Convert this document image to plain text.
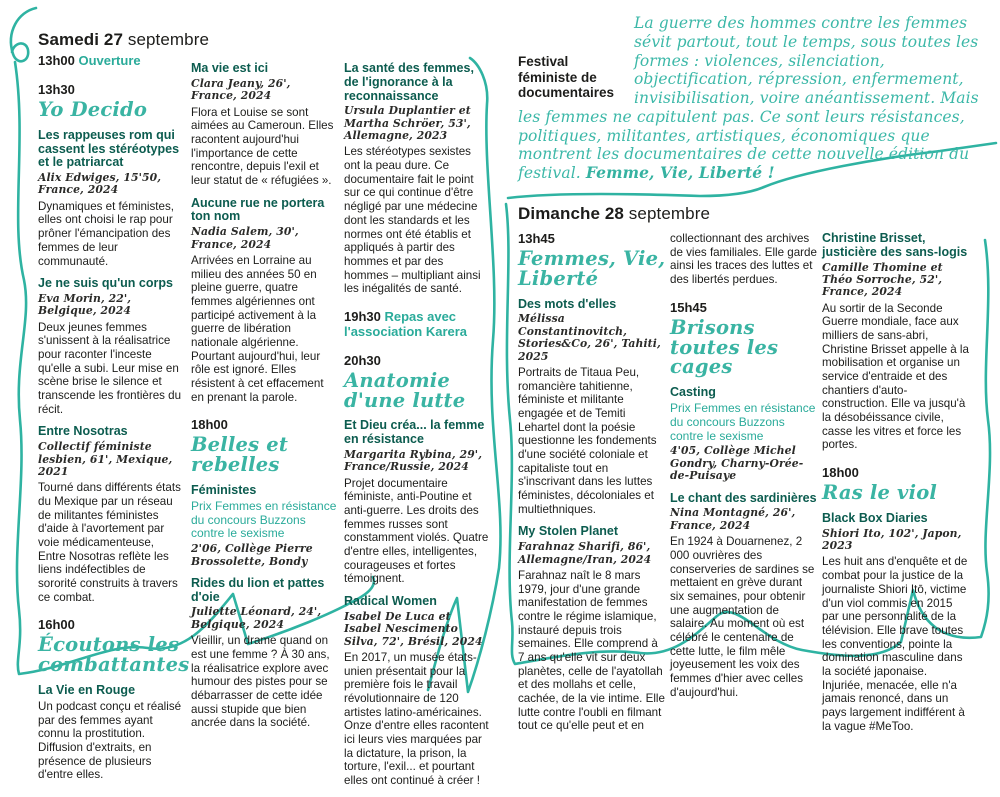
Samedi 27 septembre
13h00 Ouverture
13h30
Yo Decido
Les rappeuses rom qui cassent les stéréotypes et le patriarcat
Alix Edwiges, 15'50, France, 2024
Dynamiques et féministes, elles ont choisi le rap pour prôner l'émancipation des femmes de leur communauté.
Je ne suis qu'un corps
Eva Morin, 22', Belgique, 2024
Deux jeunes femmes s'unissent à la réalisatrice pour raconter l'inceste qu'elle a subi. Leur mise en scène brise le silence et transcende les frontières du récit.
Entre Nosotras
Collectif féministe lesbien, 61', Mexique, 2021
Tourné dans différents états du Mexique par un réseau de militantes féministes d'aide à l'avortement par voie médicamenteuse, Entre Nosotras reflète les liens indéfectibles de sororité construits à travers ce combat.
16h00
Écoutons les combattantes
La Vie en Rouge
Un podcast conçu et réalisé par des femmes ayant connu la prostitution. Diffusion d'extraits, en présence de plusieurs d'entre elles.
Ma vie est ici
Clara Jeany, 26', France, 2024
Flora et Louise se sont aimées au Cameroun. Elles racontent aujourd'hui l'importance de cette rencontre, depuis l'exil et leur statut de « réfugiées ».
Aucune rue ne portera ton nom
Nadia Salem, 30', France, 2024
Arrivées en Lorraine au milieu des années 50 en pleine guerre, quatre femmes algériennes ont participé activement à la guerre de libération nationale algérienne. Pourtant aujourd'hui, leur rôle est ignoré. Elles résistent à cet effacement en prenant la parole.
18h00
Belles et rebelles
Féministes
Prix Femmes en résistance du concours Buzzons contre le sexisme
2'06, Collège Pierre Brossolette, Bondy
Rides du lion et pattes d'oie
Juliette Léonard, 24', Belgique, 2024
Vieillir, un drame quand on est une femme ? À 30 ans, la réalisatrice explore avec humour des pistes pour se débarrasser de cette idée aussi stupide que bien ancrée dans la société.
La santé des femmes, de l'ignorance à la reconnaissance
Ursula Duplantier et Martha Schröer, 53', Allemagne, 2023
Les stéréotypes sexistes ont la peau dure. Ce documentaire fait le point sur ce qui continue d'être négligé par une médecine dont les standards et les normes ont été établis et appliqués à partir des hommes et par des hommes – multipliant ainsi les inégalités de santé.
19h30 Repas avec l'association Karera
20h30
Anatomie d'une lutte
Et Dieu créa... la femme en résistance
Margarita Rybina, 29', France/Russie, 2024
Projet documentaire féministe, anti-Poutine et anti-guerre. Les droits des femmes russes sont constamment violés. Quatre d'entre elles, intelligentes, courageuses et fortes témoignent.
Radical Women
Isabel De Luca et Isabel Nescimento Silva, 72', Brésil, 2024
En 2017, un musée états-unien présentait pour la première fois le travail révolutionnaire de 120 artistes latino-américaines. Onze d'entre elles racontent ici leurs vies marquées par la dictature, la prison, la torture, l'exil... et pourtant elles ont continué à créer !
Festival féministe de documentaires

La guerre des hommes contre les femmes sévit partout, tout le temps, sous toutes les formes : violences, silenciation, objectification, répression, enfermement, invisibilisation, voire anéantissement. Mais les femmes ne capitulent pas. Ce sont leurs résistances, politiques, militantes, artistiques, économiques que montrent les documentaires de cette nouvelle édition du festival. Femme, Vie, Liberté !

Dimanche 28 septembre
13h45
Femmes, Vie, Liberté
Des mots d'elles
Mélissa Constantinovitch, Stories&Co, 26', Tahiti, 2025
Portraits de Titaua Peu, romancière tahitienne, féministe et militante engagée et de Temiti Lehartel dont la poésie questionne les fondements d'une société coloniale et capitaliste tout en s'inscrivant dans les luttes féministes, décoloniales et multiethniques.
My Stolen Planet
Farahnaz Sharifi, 86', Allemagne/Iran, 2024
Farahnaz naît le 8 mars 1979, jour d'une grande manifestation de femmes contre le régime islamique, instauré depuis trois semaines. Elle comprend à 7 ans qu'elle vit sur deux planètes, celle de l'ayatollah et des mollahs et celle, cachée, de la vie intime. Elle lutte contre l'oubli en filmant tout ce qu'elle peut et en
collectionnant des archives de vies familiales. Elle garde ainsi les traces des luttes et des libertés perdues.
15h45
Brisons toutes les cages
Casting
Prix Femmes en résistance du concours Buzzons contre le sexisme
4'05, Collège Michel Gondry, Charny-Orée-de-Puisaye
Le chant des sardinières
Nina Montagné, 26', France, 2024
En 1924 à Douarnenez, 2 000 ouvrières des conserveries de sardines se mettaient en grève durant six semaines, pour obtenir une augmentation de salaire. Au moment où est célébré le centenaire de cette lutte, le film mêle joyeusement les voix des femmes d'hier avec celles d'aujourd'hui.
Christine Brisset, justicière des sans-logis
Camille Thomine et Théo Sorroche, 52', France, 2024
Au sortir de la Seconde Guerre mondiale, face aux milliers de sans-abri, Christine Brisset appelle à la mobilisation et organise un service d'entraide et des chantiers d'auto-construction. Elle va jusqu'à la désobéissance civile, casse les vitres et force les portes.
18h00
Ras le viol
Black Box Diaries
Shiori Ito, 102', Japon, 2023
Les huit ans d'enquête et de combat pour la justice de la journaliste Shiori Itō, victime d'un viol commis en 2015 par une personnalité de la télévision. Elle brave toutes les conventions, pointe la domination masculine dans la société japonaise. Injuriée, menacée, elle n'a jamais renoncé, dans un pays largement indifférent à la vague #MeToo.
